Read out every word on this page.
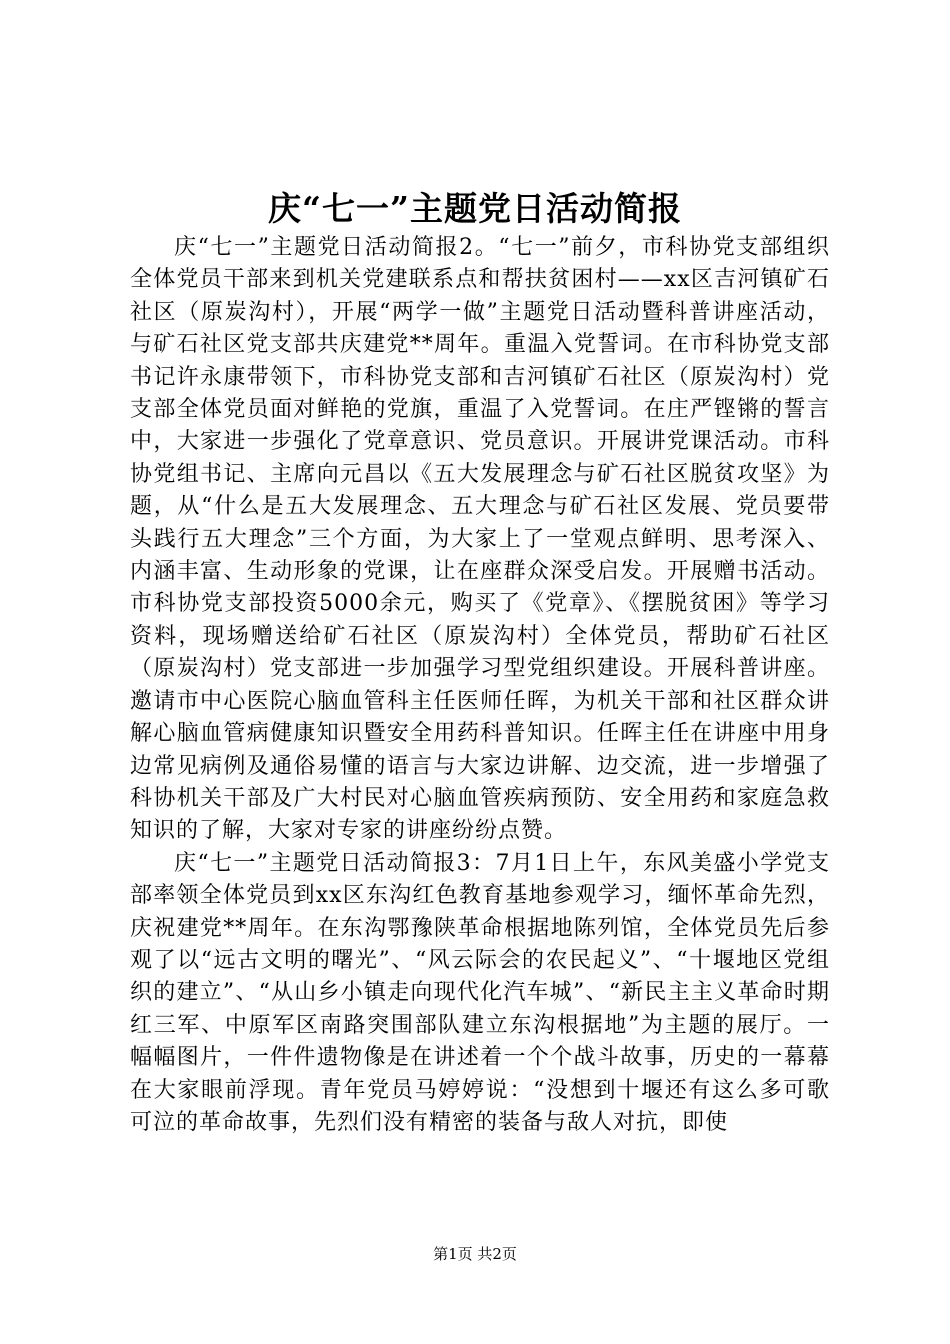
庆“七一”主题党日活动简报

庆“七一”主题党日活动简报2。“七一”前夕，市科协党支部组织全体党员干部来到机关党建联系点和帮扶贫困村——xx区吉河镇矿石社区（原炭沟村），开展“两学一做”主题党日活动暨科普讲座活动，与矿石社区党支部共庆建党**周年。重温入党誓词。在市科协党支部书记许永康带领下，市科协党支部和吉河镇矿石社区（原炭沟村）党支部全体党员面对鲜艳的党旗，重温了入党誓词。在庄严铿锵的誓言中，大家进一步强化了党章意识、党员意识。开展讲党课活动。市科协党组书记、主席向元昌以《五大发展理念与矿石社区脱贫攻坚》为题，从“什么是五大发展理念、五大理念与矿石社区发展、党员要带头践行五大理念”三个方面，为大家上了一堂观点鲜明、思考深入、内涵丰富、生动形象的党课，让在座群众深受启发。开展赠书活动。市科协党支部投资5000余元，购买了《党章》、《摆脱贫困》等学习资料，现场赠送给矿石社区（原炭沟村）全体党员，帮助矿石社区（原炭沟村）党支部进一步加强学习型党组织建设。开展科普讲座。邀请市中心医院心脑血管科主任医师任晖，为机关干部和社区群众讲解心脑血管病健康知识暨安全用药科普知识。任晖主任在讲座中用身边常见病例及通俗易懂的语言与大家边讲解、边交流，进一步增强了科协机关干部及广大村民对心脑血管疾病预防、安全用药和家庭急救知识的了解，大家对专家的讲座纷纷点赞。

庆“七一”主题党日活动简报3：7月1日上午，东风美盛小学党支部率领全体党员到xx区东沟红色教育基地参观学习，缅怀革命先烈，庆祝建党**周年。在东沟鄂豫陕革命根据地陈列馆，全体党员先后参观了以“远古文明的曙光”、“风云际会的农民起义”、“十堰地区党组织的建立”、“从山乡小镇走向现代化汽车城”、“新民主主义革命时期红三军、中原军区南路突围部队建立东沟根据地”为主题的展厅。一幅幅图片，一件件遗物像是在讲述着一个个战斗故事，历史的一幕幕在大家眼前浮现。青年党员马婷婷说：“没想到十堰还有这么多可歌可泣的革命故事，先烈们没有精密的装备与敌人对抗，即使

第1页 共2页
